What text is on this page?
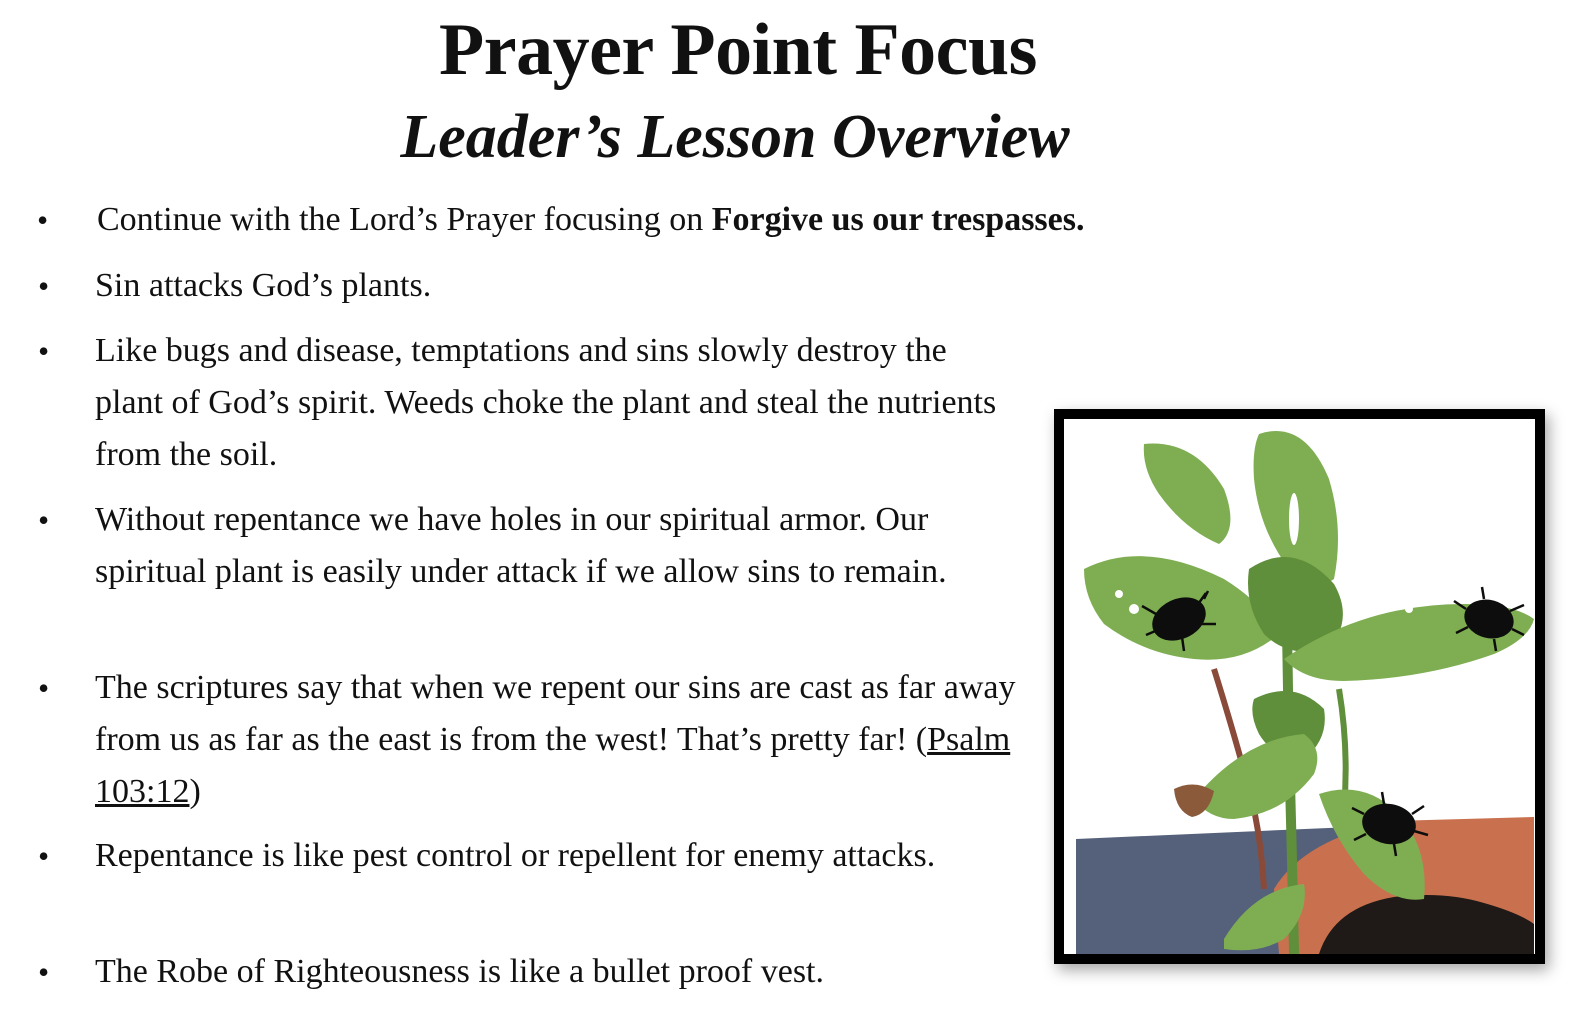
Prayer Point Focus
Leader’s Lesson Overview
• Continue with the Lord’s Prayer focusing on Forgive us our trespasses.
• Sin attacks God’s plants.
• Like bugs and disease, temptations and sins slowly destroy the plant of God’s spirit. Weeds choke the plant and steal the nutrients from the soil.
• Without repentance we have holes in our spiritual armor. Our spiritual plant is easily under attack if we allow sins to remain.
• The scriptures say that when we repent our sins are cast as far away from us as far as the east is from the west! That’s pretty far! (Psalm 103:12)
• Repentance is like pest control or repellent for enemy attacks.
• The Robe of Righteousness is like a bullet proof vest.
